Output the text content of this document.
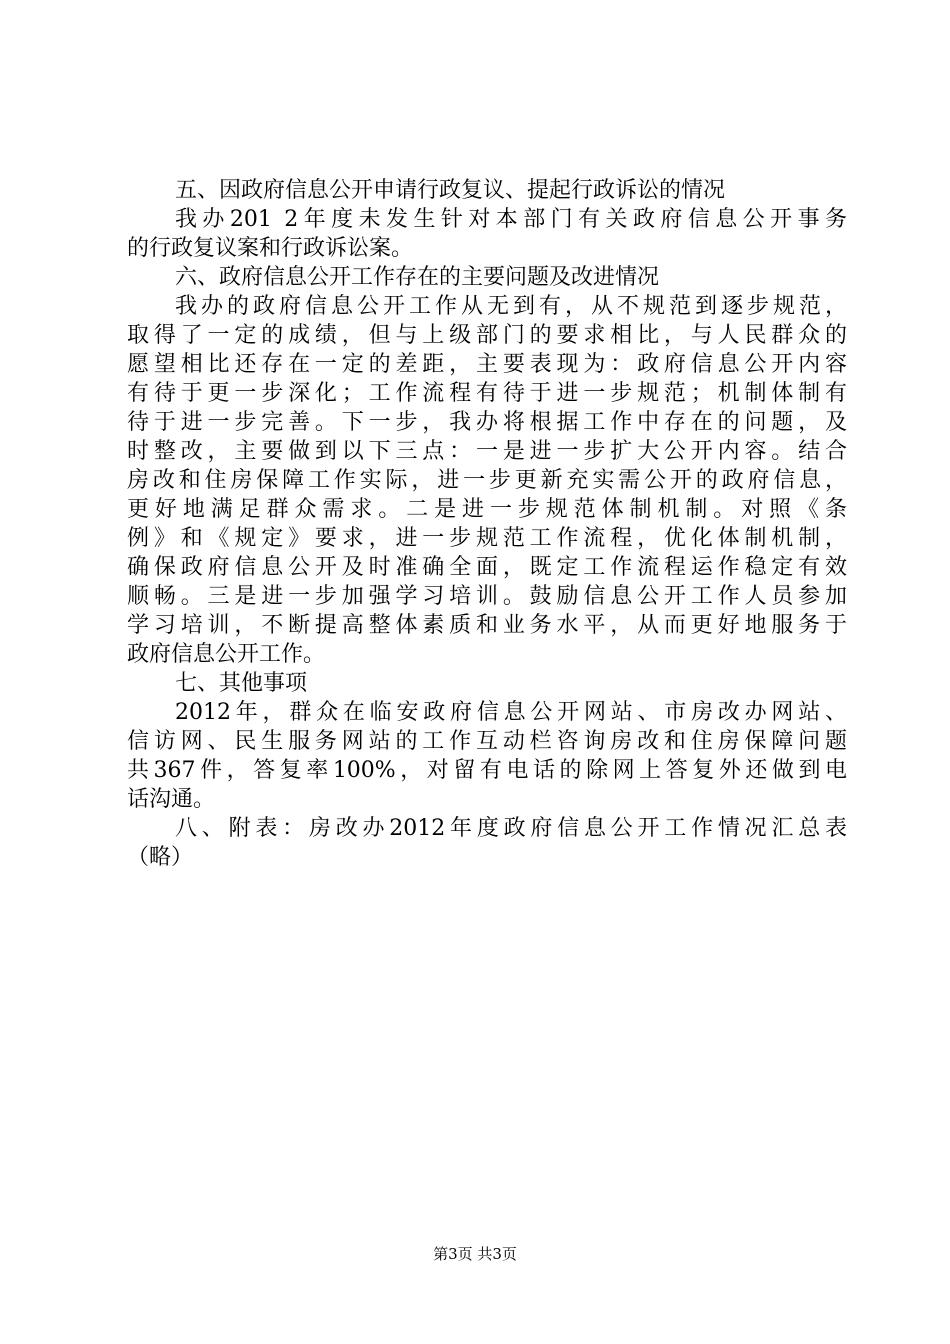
五、因政府信息公开申请行政复议、提起行政诉讼的情况
我办201 2年度未发生针对本部门有关政府信息公开事务
的行政复议案和行政诉讼案。
六、政府信息公开工作存在的主要问题及改进情况
我办的政府信息公开工作从无到有，从不规范到逐步规范，
取得了一定的成绩，但与上级部门的要求相比，与人民群众的
愿望相比还存在一定的差距，主要表现为：政府信息公开内容
有待于更一步深化；工作流程有待于进一步规范；机制体制有
待于进一步完善。下一步，我办将根据工作中存在的问题，及
时整改，主要做到以下三点：一是进一步扩大公开内容。结合
房改和住房保障工作实际，进一步更新充实需公开的政府信息，
更好地满足群众需求。二是进一步规范体制机制。对照《条
例》和《规定》要求，进一步规范工作流程，优化体制机制，
确保政府信息公开及时准确全面，既定工作流程运作稳定有效
顺畅。三是进一步加强学习培训。鼓励信息公开工作人员参加
学习培训，不断提高整体素质和业务水平，从而更好地服务于
政府信息公开工作。
七、其他事项
2012年，群众在临安政府信息公开网站、市房改办网站、
信访网、民生服务网站的工作互动栏咨询房改和住房保障问题
共367件，答复率100%，对留有电话的除网上答复外还做到电
话沟通。
八、附表：房改办2012年度政府信息公开工作情况汇总表
（略）
第3页 共3页
